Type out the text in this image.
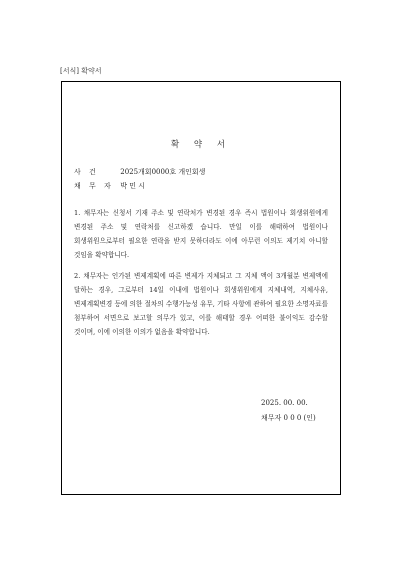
[서식] 확약서
확 약 서
사 건	2025개회0000호 개인회생
채 무 자 박 민 시
1. 채무자는 신청서 기재 주소 및 연락처가 변경된 경우 즉시 법원이나 회생위원에게 변경된 주소 및 연락처를 신고하겠 습니다. 만일 이를 해태하여 법원이나 회생위원으로부터 필요한 연락을 받지 못하더라도 이에 아무런 이의도 제기치 아니할 것임을 확약합니다.
2. 채무자는 인가된 변제계획에 따른 변제가 지체되고 그 지체 액이 3개월분 변제액에 달하는 경우, 그로부터 14일 이내에 법원이나 회생위원에게 지체내역, 지체사유, 변제계획변경 등에 의한 절차의 수행가능성 유무, 기타 사항에 관하여 필요한 소명자료를 첨부하여 서면으로 보고할 의무가 있고, 이를 해태할 경우 어떠한 불이익도 감수할 것이며, 이에 이의한 이의가 없음을 확약합니다.
2025. 00. 00.
채무자 0 0 0 (인)
